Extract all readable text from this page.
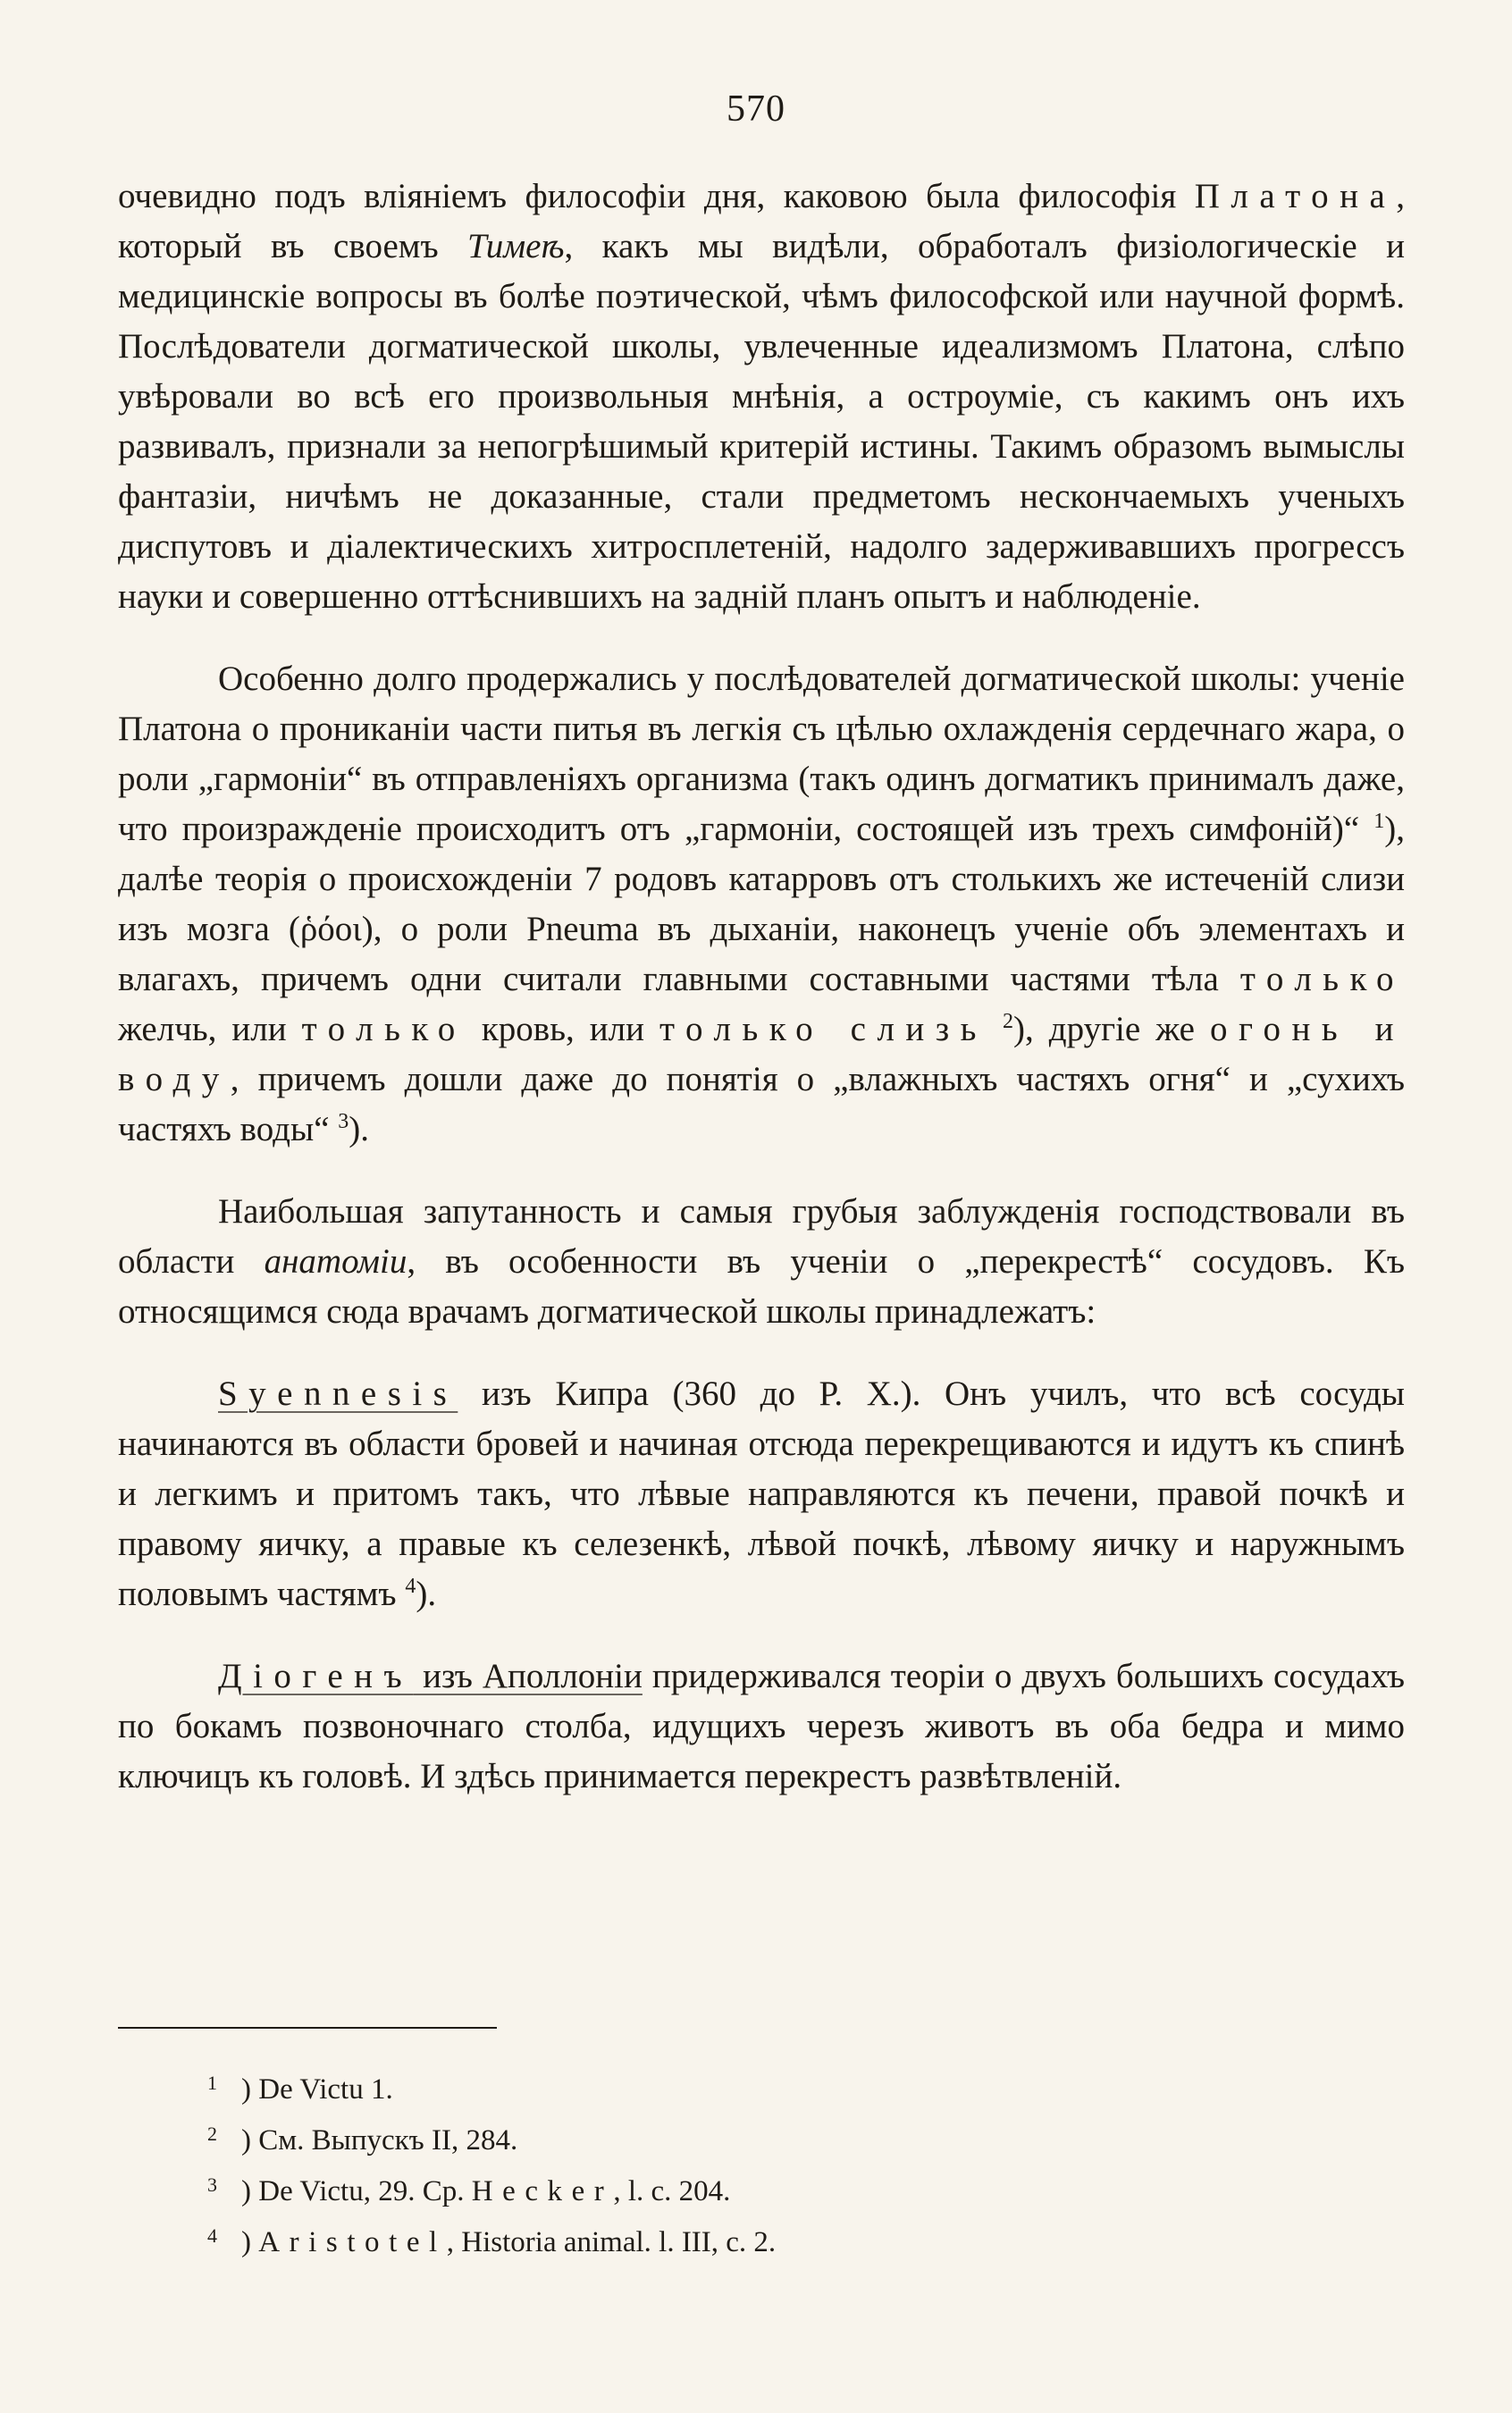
570

очевидно подъ вліяніемъ философіи дня, каковою была философія Платона, который въ своемъ Тимеѣ, какъ мы видѣли, обработалъ физіологическіе и медицинскіе вопросы въ болѣе поэтической, чѣмъ философской или научной формѣ. Послѣдователи догматической школы, увлеченные идеализмомъ Платона, слѣпо увѣровали во всѣ его произвольныя мнѣнія, а остроуміе, съ какимъ онъ ихъ развивалъ, признали за непогрѣшимый критерій истины. Такимъ образомъ вымыслы фантазіи, ничѣмъ не доказанные, стали предметомъ нескончаемыхъ ученыхъ диспутовъ и діалектическихъ хитросплетеній, надолго задерживавшихъ прогрессъ науки и совершенно оттѣснившихъ на задній планъ опытъ и наблюденіе.

Особенно долго продержались у послѣдователей догматической школы: ученіе Платона о проникaніи части питья въ легкія съ цѣлью охлажденія сердечнаго жара, о роли „гармоніи“ въ отправленіяхъ организма (такъ одинъ догматикъ принималъ даже, что произражденіе происходитъ отъ „гармоніи, состоящей изъ трехъ симфоній)“ $^1$), далѣе теорія о происхожденіи 7 родовъ катарровъ отъ столькихъ же истеченій слизи изъ мозга (ῥόοι), о роли Pneuma въ дыханіи, наконецъ ученіе объ элементахъ и влагахъ, причемъ одни считали главными составными частями тѣла только желчь, или только кровь, или только слизь $^2$), другіе же огонь и воду, причемъ дошли даже до понятія о „влажныхъ частяхъ огня“ и „сухихъ частяхъ воды“ $^3$).

Наибольшая запутанность и самыя грубыя заблужденія господствовали въ области анатоміи, въ особенности въ ученіи о „перекрестѣ“ сосудовъ. Къ относящимся сюда врачамъ догматической школы принадлежатъ:

Syennesis изъ Кипра (360 до Р. Х.). Онъ училъ, что всѣ сосуды начинаются въ области бровей и начиная отсюда перекрещиваются и идутъ къ спинѣ и легкимъ и притомъ такъ, что лѣвые направляются къ печени, правой почкѣ и правому яичку, а правые къ селезенкѣ, лѣвой почкѣ, лѣвому яичку и наружнымъ половымъ частямъ $^4$).

Діогенъ изъ Аполлоніи придерживался теоріи о двухъ большихъ сосудахъ по бокамъ позвоночнаго столба, идущихъ черезъ животъ въ оба бедра и мимо ключицъ къ головѣ. И здѣсь принимается перекрестъ развѣтвленій.

1 ) De Victu 1.
2 ) См. Выпускъ II, 284.
3 ) De Victu, 29. Cp. Hecker, l. c. 204.
4 ) Aristotel, Historia animal. l. III, c. 2.
